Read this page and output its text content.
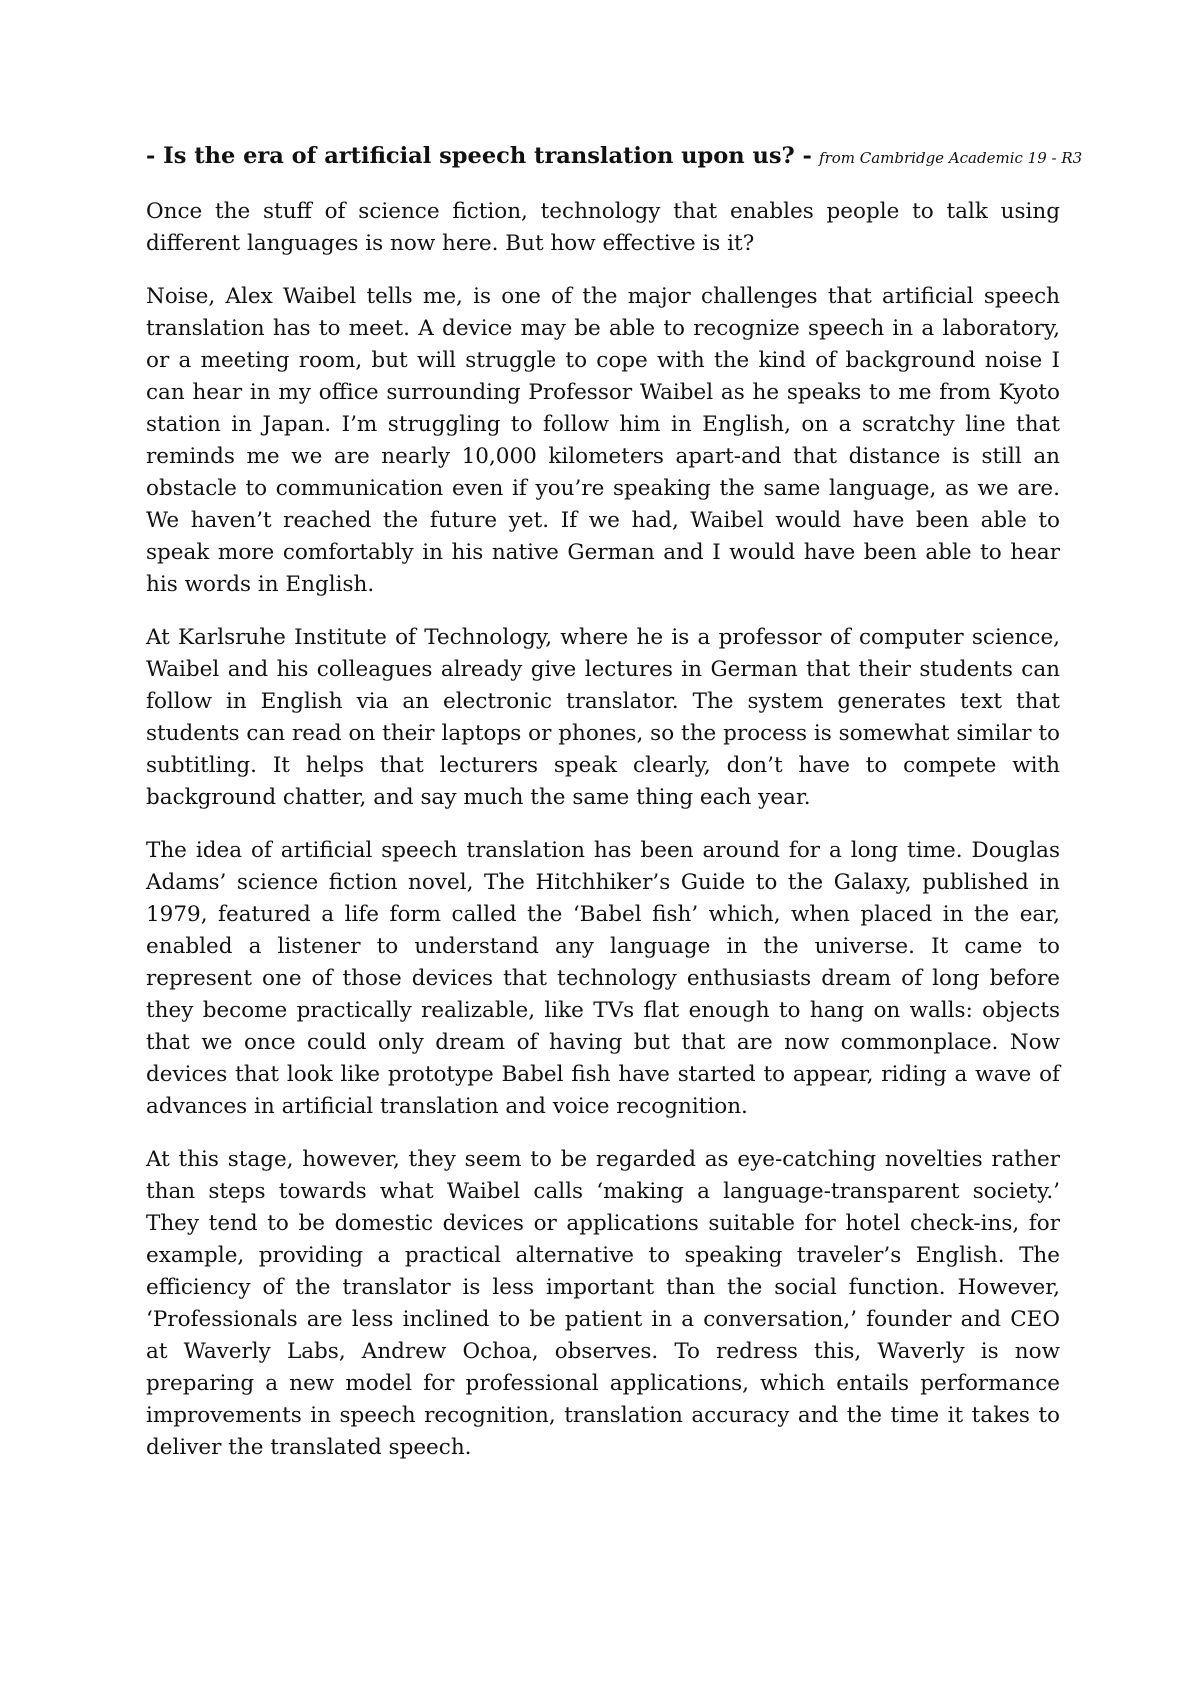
- Is the era of artificial speech translation upon us? - from Cambridge Academic 19 - R3

Once the stuff of science fiction, technology that enables people to talk using different languages is now here. But how effective is it?

Noise, Alex Waibel tells me, is one of the major challenges that artificial speech translation has to meet. A device may be able to recognize speech in a laboratory, or a meeting room, but will struggle to cope with the kind of background noise I can hear in my office surrounding Professor Waibel as he speaks to me from Kyoto station in Japan. I’m struggling to follow him in English, on a scratchy line that reminds me we are nearly 10,000 kilometers apart-and that distance is still an obstacle to communication even if you’re speaking the same language, as we are. We haven’t reached the future yet. If we had, Waibel would have been able to speak more comfortably in his native German and I would have been able to hear his words in English.

At Karlsruhe Institute of Technology, where he is a professor of computer science, Waibel and his colleagues already give lectures in German that their students can follow in English via an electronic translator. The system generates text that students can read on their laptops or phones, so the process is somewhat similar to subtitling. It helps that lecturers speak clearly, don’t have to compete with background chatter, and say much the same thing each year.

The idea of artificial speech translation has been around for a long time. Douglas Adams’ science fiction novel, The Hitchhiker’s Guide to the Galaxy, published in 1979, featured a life form called the ‘Babel fish’ which, when placed in the ear, enabled a listener to understand any language in the universe. It came to represent one of those devices that technology enthusiasts dream of long before they become practically realizable, like TVs flat enough to hang on walls: objects that we once could only dream of having but that are now commonplace. Now devices that look like prototype Babel fish have started to appear, riding a wave of advances in artificial translation and voice recognition.

At this stage, however, they seem to be regarded as eye-catching novelties rather than steps towards what Waibel calls ‘making a language-transparent society.’ They tend to be domestic devices or applications suitable for hotel check-ins, for example, providing a practical alternative to speaking traveler’s English. The efficiency of the translator is less important than the social function. However, ‘Professionals are less inclined to be patient in a conversation,’ founder and CEO at Waverly Labs, Andrew Ochoa, observes. To redress this, Waverly is now preparing a new model for professional applications, which entails performance improvements in speech recognition, translation accuracy and the time it takes to deliver the translated speech.
